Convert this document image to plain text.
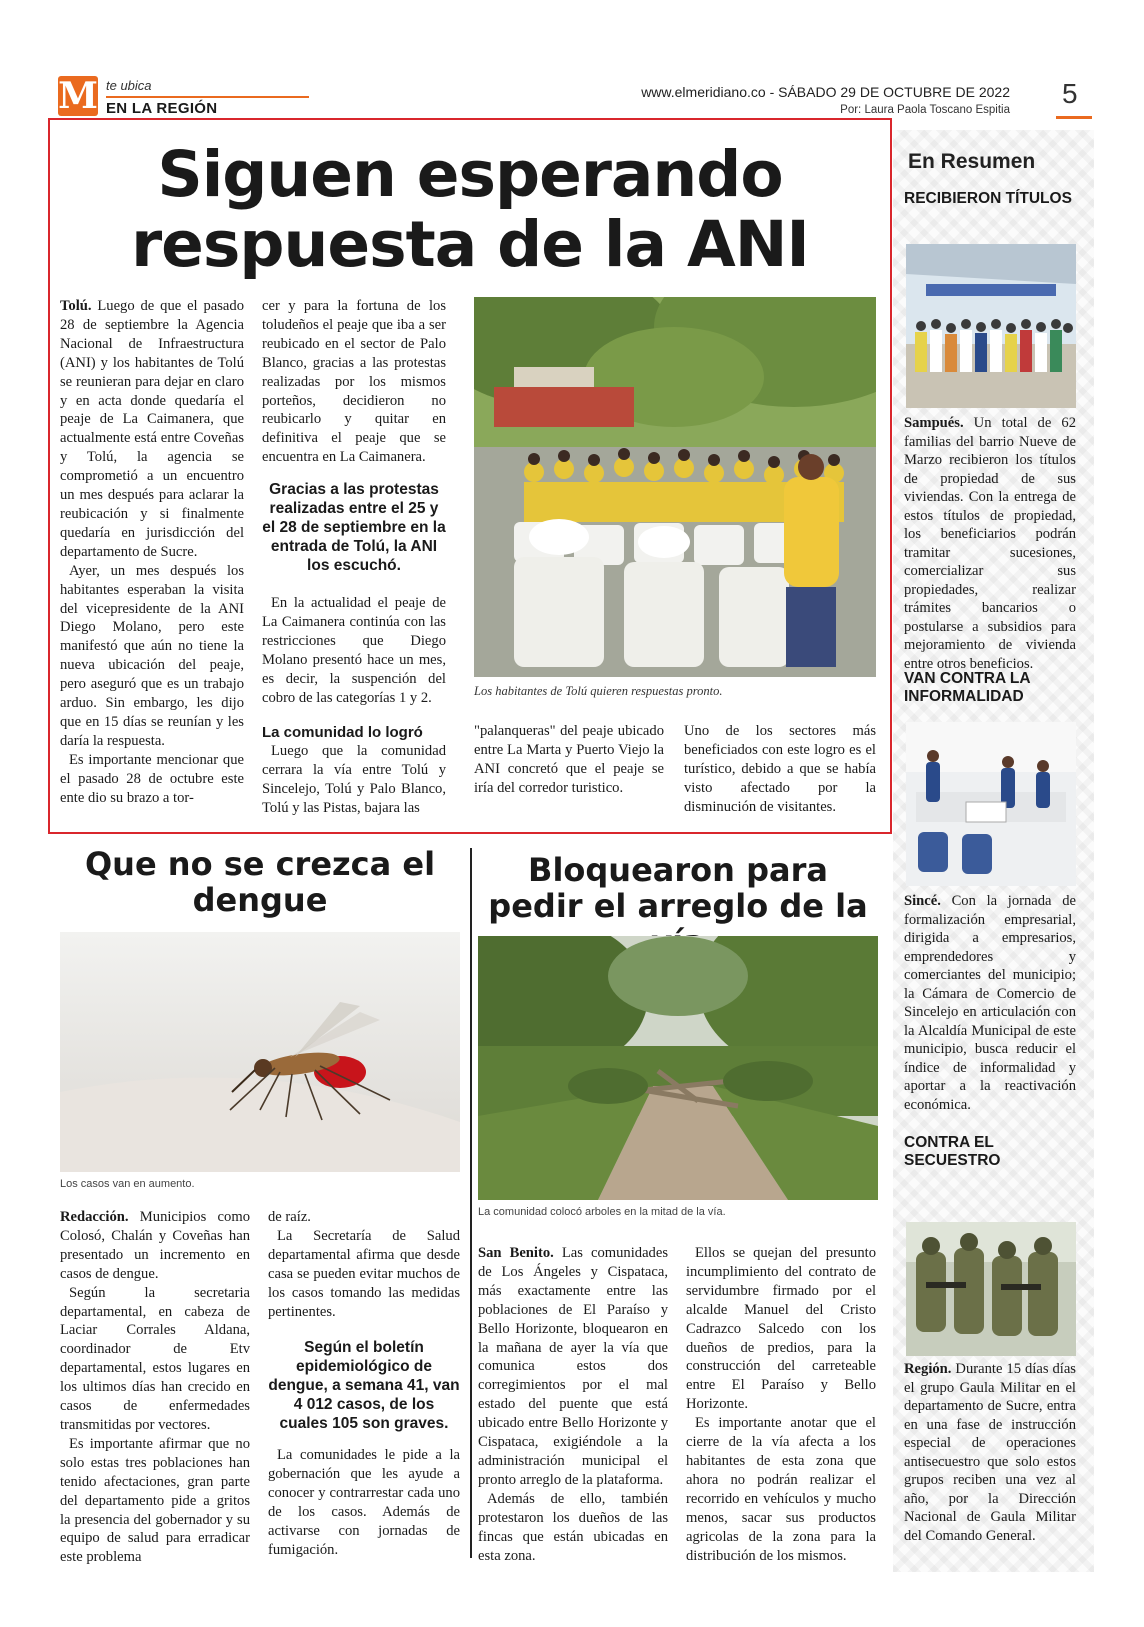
M te ubica
EN LA REGIÓN
www.elmeridiano.co - SÁBADO 29 DE OCTUBRE DE 2022
Por: Laura Paola Toscano Espitia
5
Siguen esperando respuesta de la ANI

Tolú. Luego de que el pasado 28 de septiembre la Agencia Nacional de Infraestructura (ANI) y los habitantes de Tolú se reunieran para dejar en claro y en acta donde quedaría el peaje de La Caimanera, que actualmente está entre Coveñas y Tolú, la agencia se comprometió a un encuentro un mes después para aclarar la reubicación y si finalmente quedaría en jurisdicción del departamento de Sucre.

Ayer, un mes después los habitantes esperaban la visita del vicepresidente de la ANI Diego Molano, pero este manifestó que aún no tiene la nueva ubicación del peaje, pero aseguró que es un trabajo arduo. Sin embargo, les dijo que en 15 días se reunían y les daría la respuesta.

Es importante mencionar que el pasado 28 de octubre este ente dio su brazo a tor-

cer y para la fortuna de los toludeños el peaje que iba a ser reubicado en el sector de Palo Blanco, gracias a las protestas realizadas por los mismos porteños, decidieron no reubicarlo y quitar en definitiva el peaje que se encuentra en La Caimanera.

Gracias a las protestas realizadas entre el 25 y el 28 de septiembre en la entrada de Tolú, la ANI los escuchó.

En la actualidad el peaje de La Caimanera continúa con las restricciones que Diego Molano presentó hace un mes, es decir, la suspención del cobro de las categorías 1 y 2.

La comunidad lo logró

Luego que la comunidad cerrara la vía entre Tolú y Sincelejo, Tolú y Palo Blanco, Tolú y las Pistas, bajara las

Los habitantes de Tolú quieren respuestas pronto.

"palanqueras" del peaje ubicado entre La Marta y Puerto Viejo la ANI concretó que el peaje se iría del corredor turistico.

Uno de los sectores más beneficiados con este logro es el turístico, debido a que se había visto afectado por la disminución de visitantes.

Que no se crezca el dengue
Los casos van en aumento.

Redacción. Municipios como Colosó, Chalán y Coveñas han presentado un incremento en casos de dengue.

Según la secretaria departamental, en cabeza de Laciar Corrales Aldana, coordinador de Etv departamental, estos lugares en los ultimos días han crecido en casos de enfermedades transmitidas por vectores.

Es importante afirmar que no solo estas tres poblaciones han tenido afectaciones, gran parte del departamento pide a gritos la presencia del gobernador y su equipo de salud para erradicar este problema

de raíz.

La Secretaría de Salud departamental afirma que desde casa se pueden evitar muchos de los casos tomando las medidas pertinentes.

Según el boletín epidemiológico de dengue, a semana 41, van 4 012 casos, de los cuales 105 son graves.

La comunidades le pide a la gobernación que les ayude a conocer y contrarrestar cada uno de los casos. Además de activarse con jornadas de fumigación.

Bloquearon para pedir el arreglo de la
La comunidad colocó arboles en la mitad de la vía.

San Benito. Las comunidades de Los Ángeles y Cispataca, más exactamente entre las poblaciones de El Paraíso y Bello Horizonte, bloquearon en la mañana de ayer la vía que comunica estos dos corregimientos por el mal estado del puente que está ubicado entre Bello Horizonte y Cispataca, exigiéndole a la administración municipal el pronto arreglo de la plataforma.

Además de ello, también protestaron los dueños de las fincas que están ubicadas en esta zona.

Ellos se quejan del presunto incumplimiento del contrato de servidumbre firmado por el alcalde Manuel del Cristo Cadrazco Salcedo con los dueños de predios, para la construcción del carreteable entre El Paraíso y Bello Horizonte.

Es importante anotar que el cierre de la vía afecta a los habitantes de esta zona que ahora no podrán realizar el recorrido en vehículos y mucho menos, sacar sus productos agricolas de la zona para la distribución de los mismos.

En Resumen
RECIBIERON TÍTULOS
Sampués. Un total de 62 familias del barrio Nueve de Marzo recibieron los títulos de propiedad de sus viviendas. Con la entrega de estos títulos de propiedad, los beneficiarios podrán tramitar sucesiones, comercializar sus propiedades, realizar trámites bancarios o postularse a subsidios para mejoramiento de vivienda entre otros beneficios.
VAN CONTRA LA INFORMALIDAD
Sincé. Con la jornada de formalización empresarial, dirigida a empresarios, emprendedores y comerciantes del municipio; la Cámara de Comercio de Sincelejo en articulación con la Alcaldía Municipal de este municipio, busca reducir el índice de informalidad y aportar a la reactivación económica.
CONTRA EL SECUESTRO
Región. Durante 15 días días el grupo Gaula Militar en el departamento de Sucre, entra en una fase de instrucción especial de operaciones antisecuestro que solo estos grupos reciben una vez al año, por la Dirección Nacional de Gaula Militar del Comando General.
